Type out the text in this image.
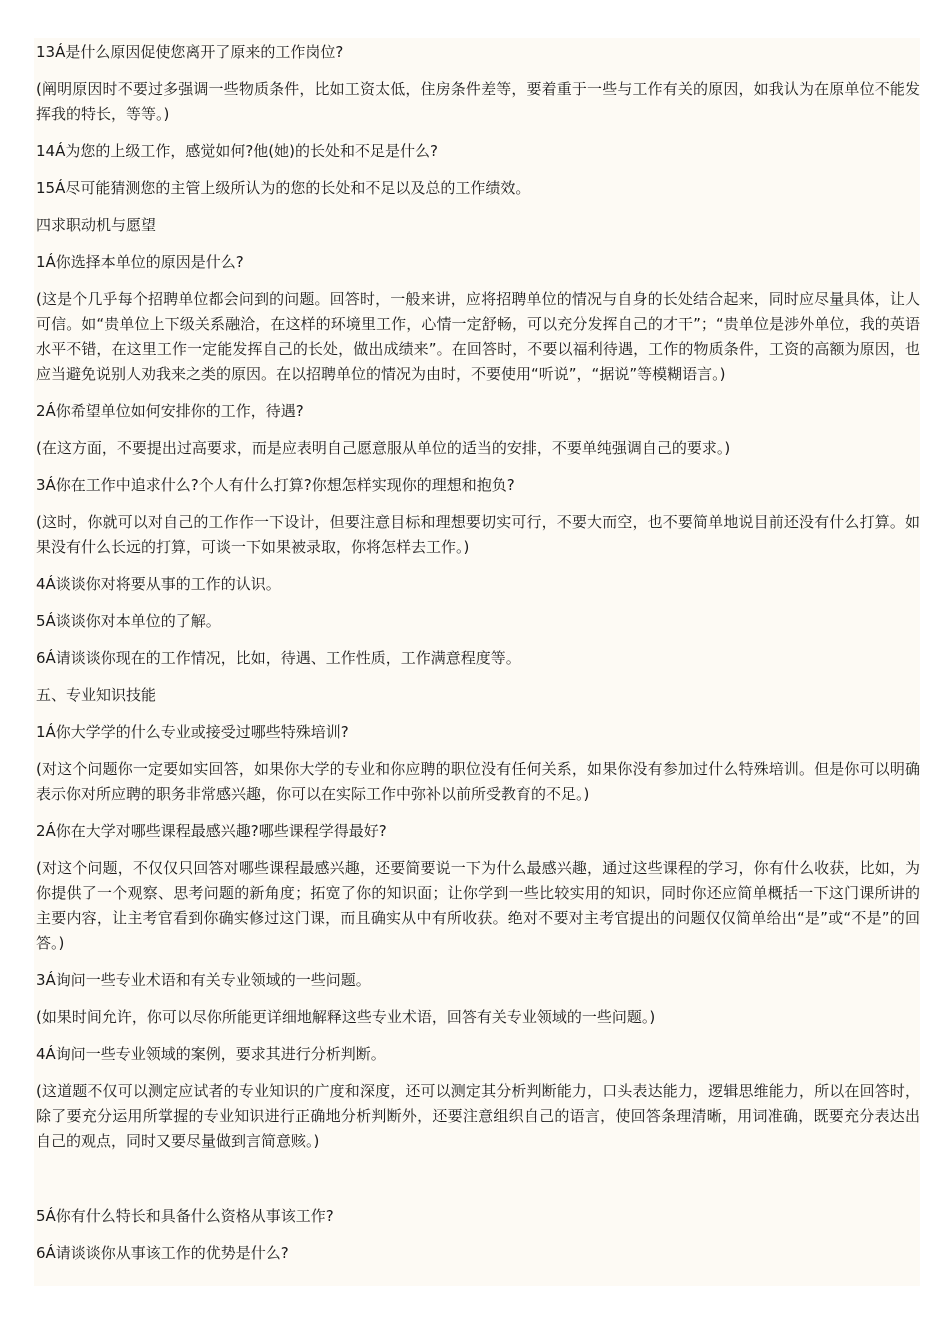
13Á是什么原因促使您离开了原来的工作岗位?

(阐明原因时不要过多强调一些物质条件，比如工资太低，住房条件差等，要着重于一些与工作有关的原因，如我认为在原单位不能发挥我的特长，等等。)

14Á为您的上级工作，感觉如何?他(她)的长处和不足是什么?

15Á尽可能猜测您的主管上级所认为的您的长处和不足以及总的工作绩效。

四求职动机与愿望

1Á你选择本单位的原因是什么?

(这是个几乎每个招聘单位都会问到的问题。回答时，一般来讲，应将招聘单位的情况与自身的长处结合起来，同时应尽量具体，让人可信。如“贵单位上下级关系融洽，在这样的环境里工作，心情一定舒畅，可以充分发挥自己的才干”；“贵单位是涉外单位，我的英语水平不错，在这里工作一定能发挥自己的长处，做出成绩来”。在回答时，不要以福利待遇，工作的物质条件，工资的高额为原因，也应当避免说别人劝我来之类的原因。在以招聘单位的情况为由时，不要使用“听说”，“据说”等模糊语言。)

2Á你希望单位如何安排你的工作，待遇?

(在这方面，不要提出过高要求，而是应表明自己愿意服从单位的适当的安排，不要单纯强调自己的要求。)

3Á你在工作中追求什么?个人有什么打算?你想怎样实现你的理想和抱负?

(这时，你就可以对自己的工作作一下设计，但要注意目标和理想要切实可行，不要大而空，也不要简单地说目前还没有什么打算。如果没有什么长远的打算，可谈一下如果被录取，你将怎样去工作。)

4Á谈谈你对将要从事的工作的认识。

5Á谈谈你对本单位的了解。

6Á请谈谈你现在的工作情况，比如，待遇、工作性质，工作满意程度等。

五、专业知识技能

1Á你大学学的什么专业或接受过哪些特殊培训?

(对这个问题你一定要如实回答，如果你大学的专业和你应聘的职位没有任何关系，如果你没有参加过什么特殊培训。但是你可以明确表示你对所应聘的职务非常感兴趣，你可以在实际工作中弥补以前所受教育的不足。)

2Á你在大学对哪些课程最感兴趣?哪些课程学得最好?

(对这个问题，不仅仅只回答对哪些课程最感兴趣，还要简要说一下为什么最感兴趣，通过这些课程的学习，你有什么收获，比如，为你提供了一个观察、思考问题的新角度；拓宽了你的知识面；让你学到一些比较实用的知识，同时你还应简单概括一下这门课所讲的主要内容，让主考官看到你确实修过这门课，而且确实从中有所收获。绝对不要对主考官提出的问题仅仅简单给出“是”或“不是”的回答。)

3Á询问一些专业术语和有关专业领域的一些问题。

(如果时间允许，你可以尽你所能更详细地解释这些专业术语，回答有关专业领域的一些问题。)

4Á询问一些专业领域的案例，要求其进行分析判断。

(这道题不仅可以测定应试者的专业知识的广度和深度，还可以测定其分析判断能力，口头表达能力，逻辑思维能力，所以在回答时，除了要充分运用所掌握的专业知识进行正确地分析判断外，还要注意组织自己的语言，使回答条理清晰，用词准确，既要充分表达出自己的观点，同时又要尽量做到言简意赅。)

5Á你有什么特长和具备什么资格从事该工作?

6Á请谈谈你从事该工作的优势是什么?
